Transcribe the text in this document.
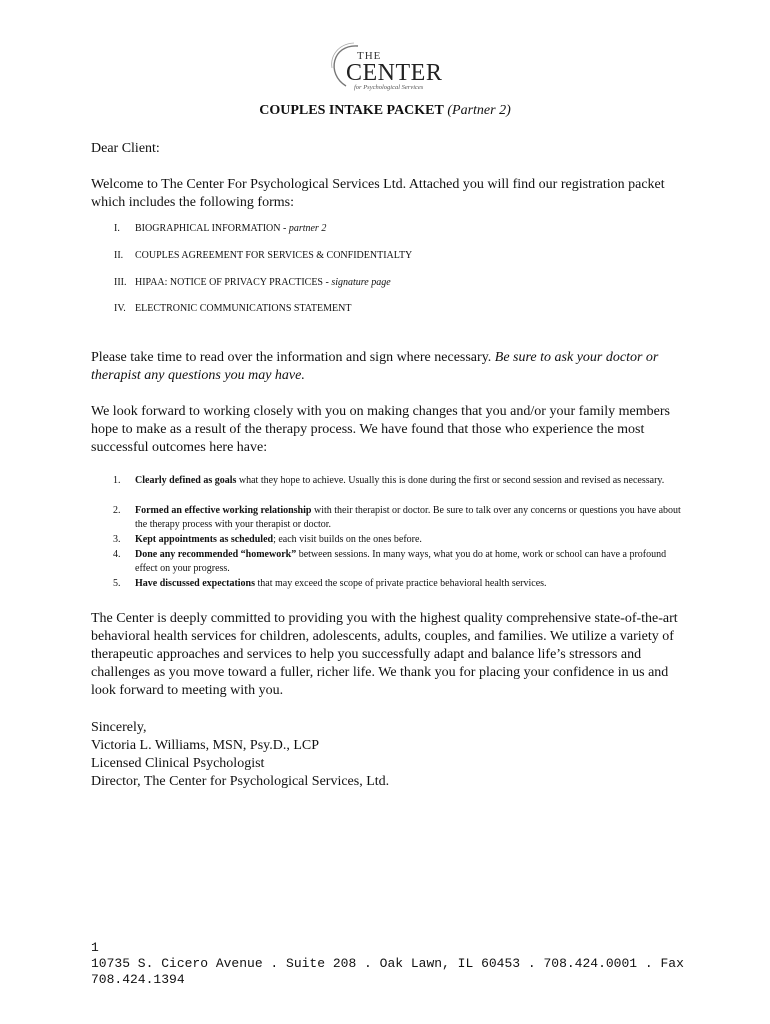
THE
CENTER
for Psychological Services
COUPLES INTAKE PACKET (Partner 2)
Dear Client:
Welcome to The Center For Psychological Services Ltd. Attached you will find our registration packet which includes the following forms:
I.	BIOGRAPHICAL INFORMATION - partner 2
II.	COUPLES AGREEMENT FOR SERVICES & CONFIDENTIALTY
III. HIPAA: NOTICE OF PRIVACY PRACTICES - signature page
IV. ELECTRONIC COMMUNICATIONS STATEMENT
Please take time to read over the information and sign where necessary. Be sure to ask your doctor or therapist any questions you may have.
We look forward to working closely with you on making changes that you and/or your family members hope to make as a result of the therapy process. We have found that those who experience the most successful outcomes here have:
1. Clearly defined as goals what they hope to achieve. Usually this is done during the first or second session and revised as necessary.
2. Formed an effective working relationship with their therapist or doctor. Be sure to talk over any concerns or questions you have about the therapy process with your therapist or doctor.
3. Kept appointments as scheduled; each visit builds on the ones before.
4. Done any recommended “homework” between sessions. In many ways, what you do at home, work or school can have a profound effect on your progress.
5. Have discussed expectations that may exceed the scope of private practice behavioral health services.
The Center is deeply committed to providing you with the highest quality comprehensive state-of-the-art behavioral health services for children, adolescents, adults, couples, and families. We utilize a variety of therapeutic approaches and services to help you successfully adapt and balance life’s stressors and challenges as you move toward a fuller, richer life. We thank you for placing your confidence in us and look forward to meeting with you.
Sincerely,
Victoria L. Williams, MSN, Psy.D., LCP
Licensed Clinical Psychologist
Director, The Center for Psychological Services, Ltd.
1
10735 S. Cicero Avenue . Suite 208 . Oak Lawn, IL 60453 . 708.424.0001 . Fax 708.424.1394
